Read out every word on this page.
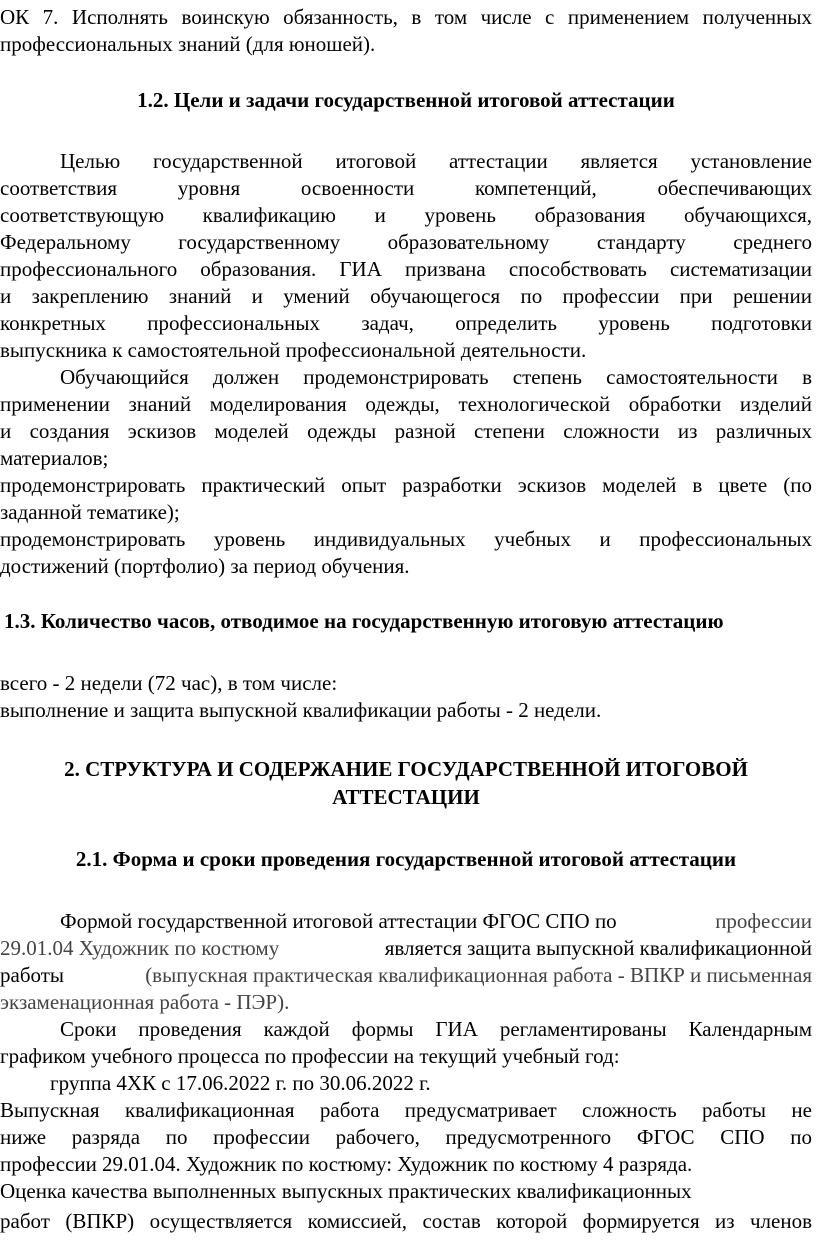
ОК 7. Исполнять воинскую обязанность, в том числе с применением полученных
профессиональных знаний (для юношей).
1.2. Цели и задачи государственной итоговой аттестации
Целью государственной итоговой аттестации является установление
соответствия уровня освоенности компетенций, обеспечивающих
соответствующую квалификацию и уровень образования обучающихся,
Федеральному государственному образовательному стандарту среднего
профессионального образования. ГИА призвана способствовать систематизации
и закреплению знаний и умений обучающегося по профессии при решении
конкретных профессиональных задач, определить уровень подготовки
выпускника к самостоятельной профессиональной деятельности.
Обучающийся должен продемонстрировать степень самостоятельности в
применении знаний моделирования одежды, технологической обработки изделий
и создания эскизов моделей одежды разной степени сложности из различных
материалов;
продемонстрировать практический опыт разработки эскизов моделей в цвете (по
заданной тематике);
продемонстрировать уровень индивидуальных учебных и профессиональных
достижений (портфолио) за период обучения.
1.3. Количество часов, отводимое на государственную итоговую аттестацию
всего - 2 недели (72 час), в том числе:
выполнение и защита выпускной квалификации работы - 2 недели.
2. СТРУКТУРА И СОДЕРЖАНИЕ ГОСУДАРСТВЕННОЙ ИТОГОВОЙ
АТТЕСТАЦИИ
2.1. Форма и сроки проведения государственной итоговой аттестации
Формой государственной итоговой аттестации ФГОС СПО по	профессии
29.01.04 Художник по костюму	является защита выпускной квалификационной
работы	(выпускная практическая квалификационная работа - ВПКР и письменная
экзаменационная работа - ПЭР).
Сроки проведения каждой формы ГИА регламентированы Календарным
графиком учебного процесса по профессии на текущий учебный год:
группа 4ХК с 17.06.2022 г. по 30.06.2022 г.
Выпускная квалификационная работа предусматривает сложность работы не
ниже разряда по профессии рабочего, предусмотренного ФГОС СПО по
профессии 29.01.04. Художник по костюму: Художник по костюму 4 разряда.
Оценка качества выполненных выпускных практических квалификационных
работ (ВПКР) осуществляется комиссией, состав которой формируется из членов
